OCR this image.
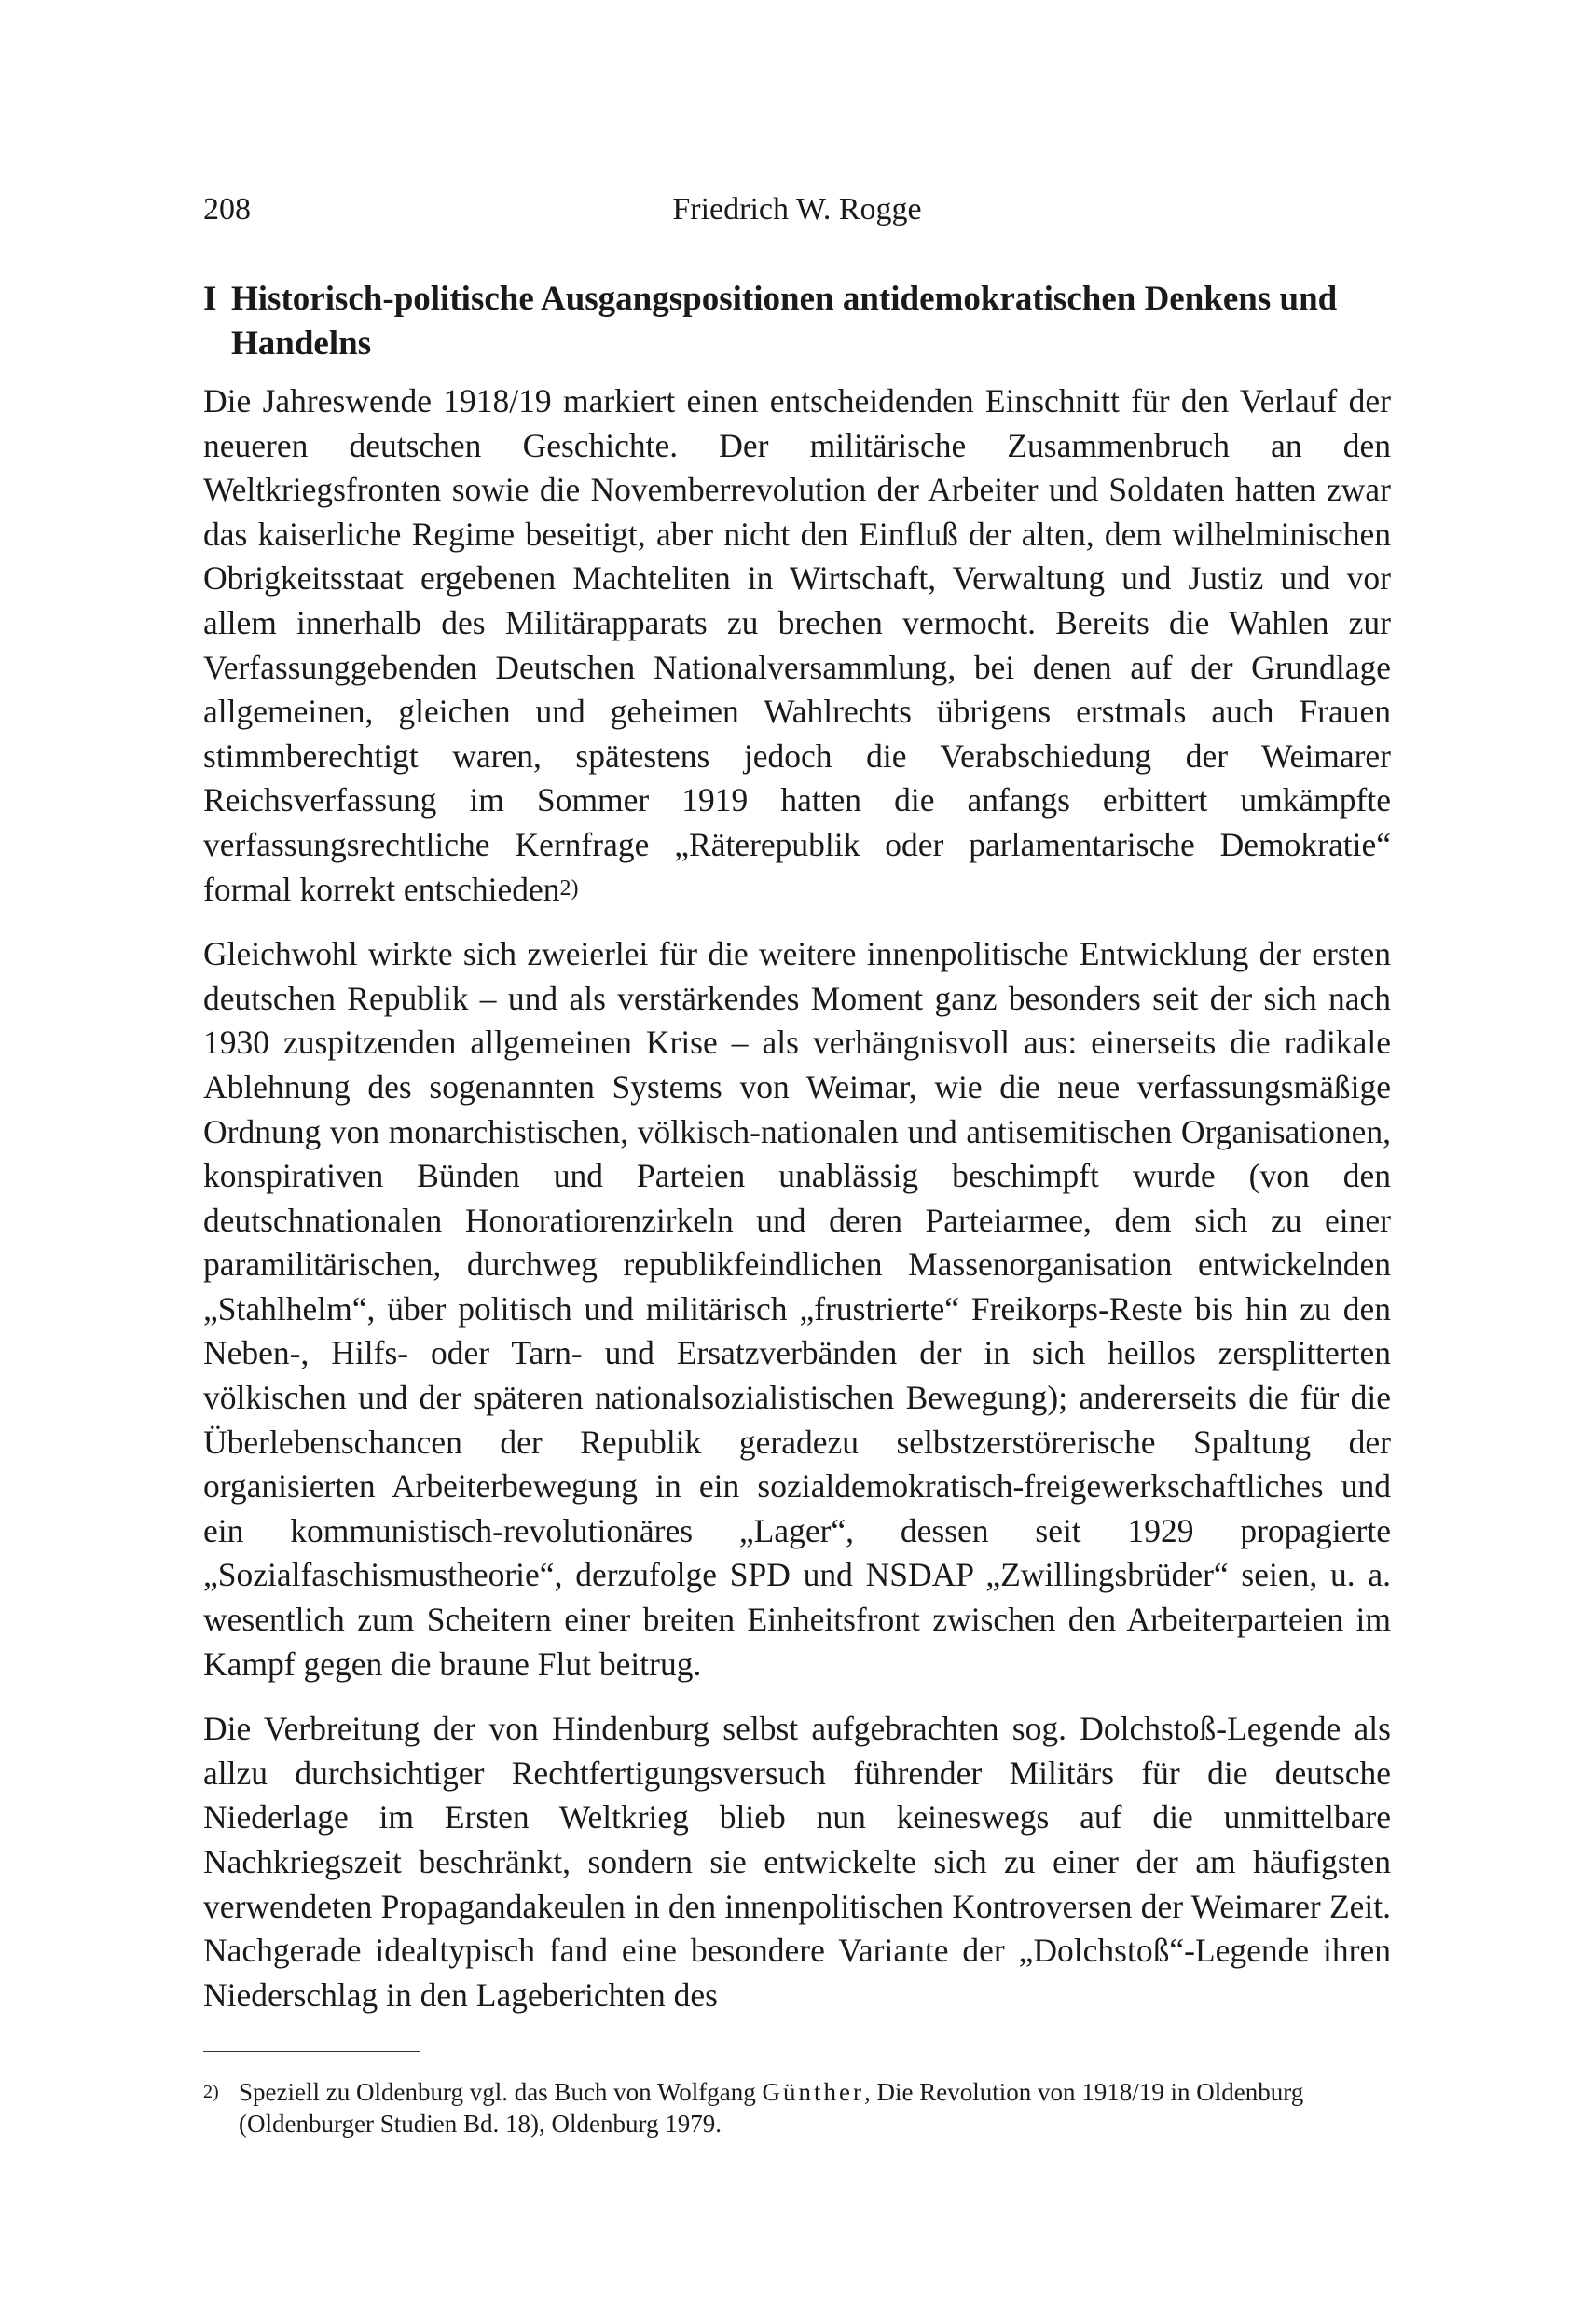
208	Friedrich W. Rogge
I Historisch-politische Ausgangspositionen antidemokratischen Denkens und Handelns

Die Jahreswende 1918/19 markiert einen entscheidenden Einschnitt für den Verlauf der neueren deutschen Geschichte. Der militärische Zusammenbruch an den Weltkriegsfronten sowie die Novemberrevolution der Arbeiter und Soldaten hatten zwar das kaiserliche Regime beseitigt, aber nicht den Einfluß der alten, dem wilhelminischen Obrigkeitsstaat ergebenen Machteliten in Wirtschaft, Verwaltung und Justiz und vor allem innerhalb des Militärapparats zu brechen vermocht. Bereits die Wahlen zur Verfassunggebenden Deutschen Nationalversammlung, bei denen auf der Grundlage allgemeinen, gleichen und geheimen Wahlrechts übrigens erstmals auch Frauen stimmberechtigt waren, spätestens jedoch die Verabschiedung der Weimarer Reichsverfassung im Sommer 1919 hatten die anfangs erbittert umkämpfte verfassungsrechtliche Kernfrage „Räterepublik oder parlamentarische Demokratie“ formal korrekt entschieden2)

Gleichwohl wirkte sich zweierlei für die weitere innenpolitische Entwicklung der ersten deutschen Republik – und als verstärkendes Moment ganz besonders seit der sich nach 1930 zuspitzenden allgemeinen Krise – als verhängnisvoll aus: einerseits die radikale Ablehnung des sogenannten Systems von Weimar, wie die neue verfassungsmäßige Ordnung von monarchistischen, völkisch-nationalen und antisemitischen Organisationen, konspirativen Bünden und Parteien unablässig beschimpft wurde (von den deutschnationalen Honoratiorenzirkeln und deren Parteiarmee, dem sich zu einer paramilitärischen, durchweg republikfeindlichen Massenorganisation entwickelnden „Stahlhelm“, über politisch und militärisch „frustrierte“ Freikorps-Reste bis hin zu den Neben-, Hilfs- oder Tarn- und Ersatzverbänden der in sich heillos zersplitterten völkischen und der späteren nationalsozialistischen Bewegung); andererseits die für die Überlebenschancen der Republik geradezu selbstzerstörerische Spaltung der organisierten Arbeiterbewegung in ein sozialdemokratisch-freigewerkschaftliches und ein kommunistisch-revolutionäres „Lager“, dessen seit 1929 propagierte „Sozialfaschismustheorie“, derzufolge SPD und NSDAP „Zwillingsbrüder“ seien, u. a. wesentlich zum Scheitern einer breiten Einheitsfront zwischen den Arbeiterparteien im Kampf gegen die braune Flut beitrug.

Die Verbreitung der von Hindenburg selbst aufgebrachten sog. Dolchstoß-Legende als allzu durchsichtiger Rechtfertigungsversuch führender Militärs für die deutsche Niederlage im Ersten Weltkrieg blieb nun keineswegs auf die unmittelbare Nachkriegszeit beschränkt, sondern sie entwickelte sich zu einer der am häufigsten verwendeten Propagandakeulen in den innenpolitischen Kontroversen der Weimarer Zeit. Nachgerade idealtypisch fand eine besondere Variante der „Dolchstoß“-Legende ihren Niederschlag in den Lageberichten des

2) Speziell zu Oldenburg vgl. das Buch von Wolfgang Günther, Die Revolution von 1918/19 in Oldenburg (Oldenburger Studien Bd. 18), Oldenburg 1979.
